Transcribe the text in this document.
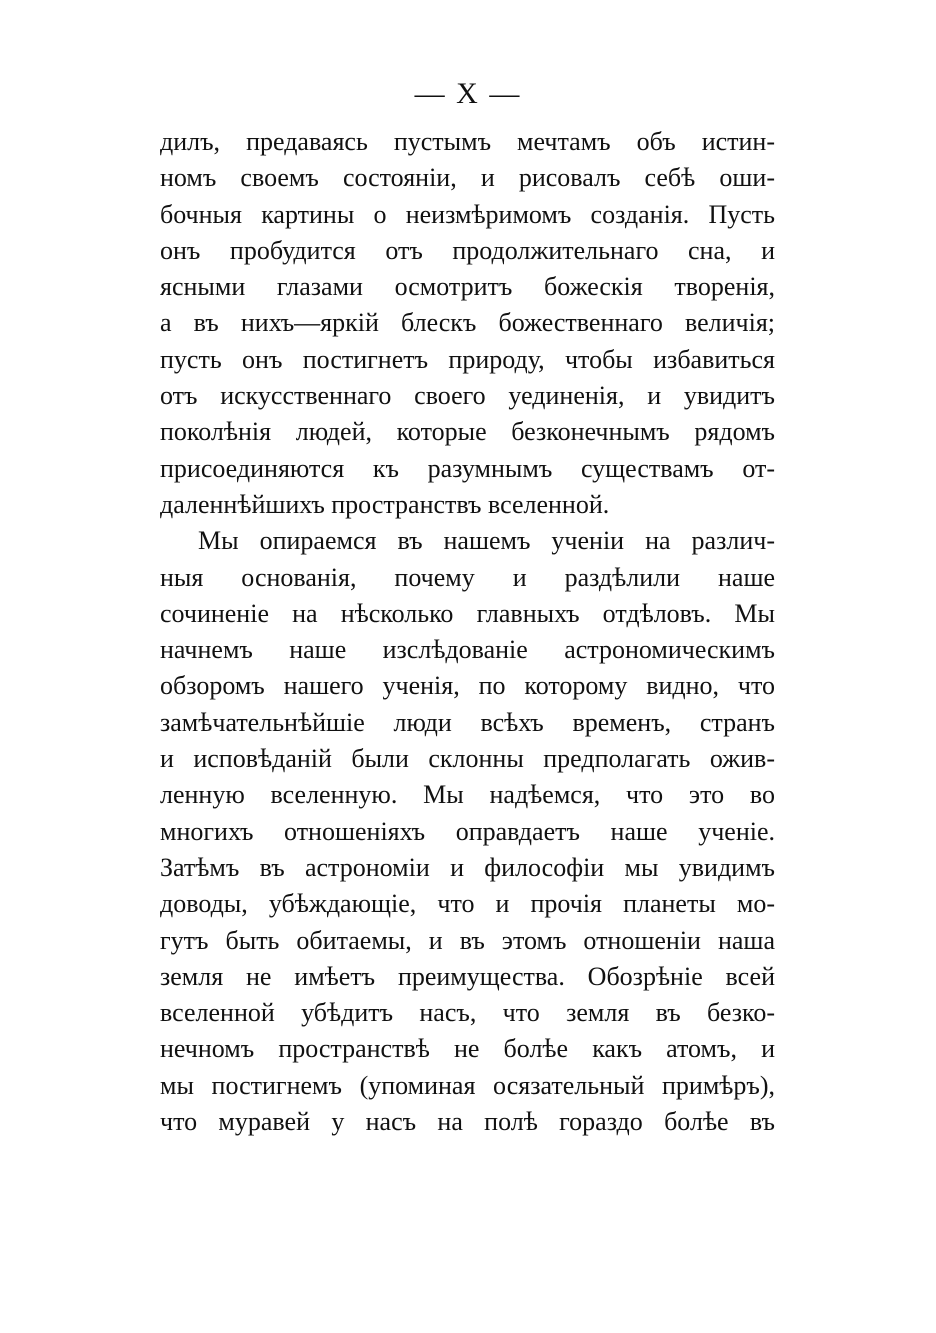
— X —
дилъ, предаваясь пустымъ мечтамъ объ истин-
номъ своемъ состояніи, и рисовалъ себѣ оши-
бочныя картины о неизмѣримомъ созданія. Пусть
онъ пробудится отъ продолжительнаго сна, и
ясными глазами осмотритъ божескія творенія,
а въ нихъ—яркій блескъ божественнаго величія;
пусть онъ постигнетъ природу, чтобы избавиться
отъ искусственнаго своего уединенія, и увидитъ
поколѣнія людей, которые безконечнымъ рядомъ
присоединяются къ разумнымъ существамъ от-
даленнѣйшихъ пространствъ вселенной.
Мы опираемся въ нашемъ ученіи на различ-
ныя основанія, почему и раздѣлили наше
сочиненіе на нѣсколько главныхъ отдѣловъ. Мы
начнемъ наше изслѣдованіе астрономическимъ
обзоромъ нашего ученія, по которому видно, что
замѣчательнѣйшіе люди всѣхъ временъ, странъ
и исповѣданій были склонны предполагать ожив-
ленную вселенную. Мы надѣемся, что это во
многихъ отношеніяхъ оправдаетъ наше ученіе.
Затѣмъ въ астрономіи и философіи мы увидимъ
доводы, убѣждающіе, что и прочія планеты мо-
гутъ быть обитаемы, и въ этомъ отношеніи наша
земля не имѣетъ преимущества. Обозрѣніе всей
вселенной убѣдитъ насъ, что земля въ безко-
нечномъ пространствѣ не болѣе какъ атомъ, и
мы постигнемъ (упоминая осязательный примѣръ),
что муравей у насъ на полѣ гораздо болѣе въ
